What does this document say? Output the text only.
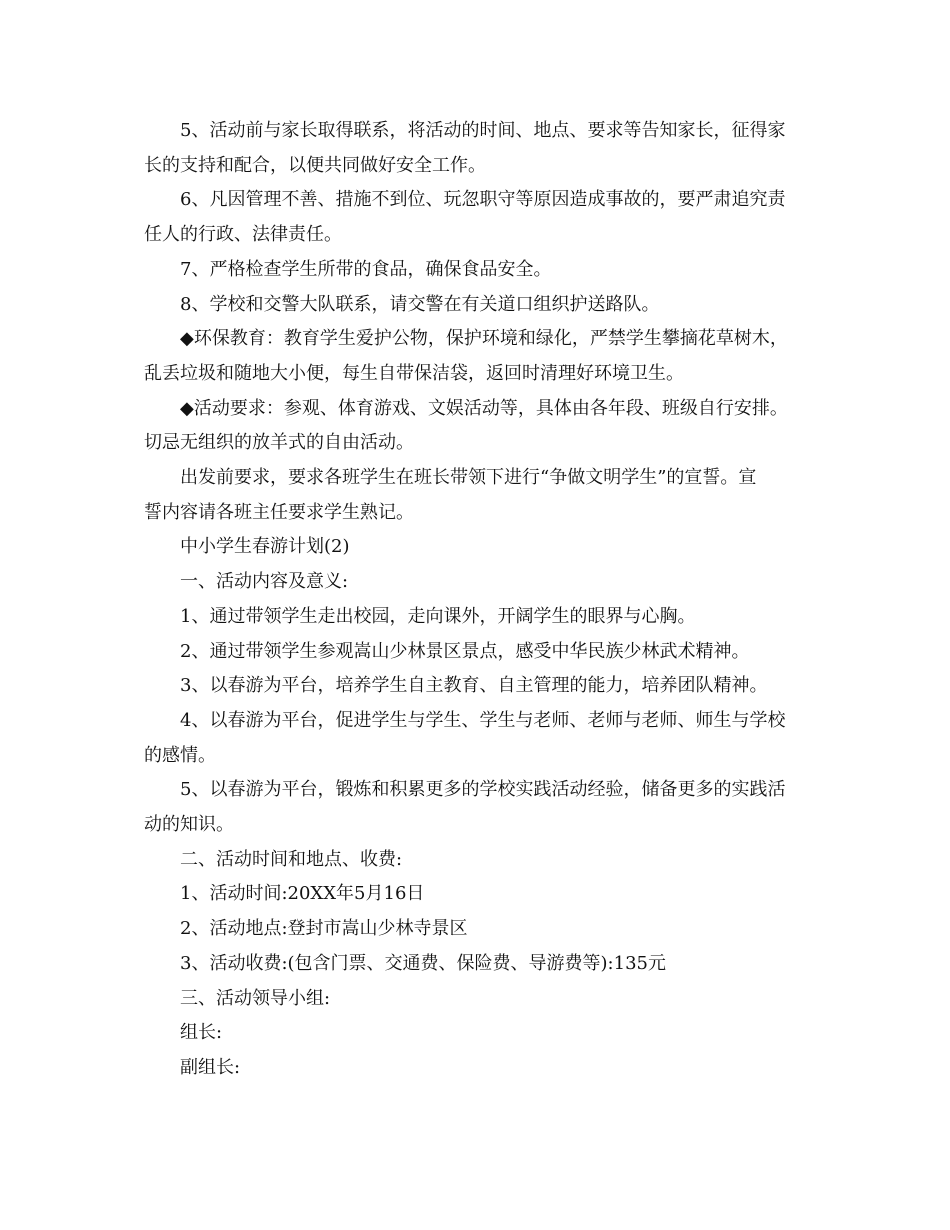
5、活动前与家长取得联系，将活动的时间、地点、要求等告知家长，征得家
长的支持和配合，以便共同做好安全工作。

6、凡因管理不善、措施不到位、玩忽职守等原因造成事故的，要严肃追究责
任人的行政、法律责任。

7、严格检查学生所带的食品，确保食品安全。

8、学校和交警大队联系，请交警在有关道口组织护送路队。

◆环保教育：教育学生爱护公物，保护环境和绿化，严禁学生攀摘花草树木，
乱丢垃圾和随地大小便，每生自带保洁袋，返回时清理好环境卫生。

◆活动要求：参观、体育游戏、文娱活动等，具体由各年段、班级自行安排。
切忌无组织的放羊式的自由活动。

出发前要求，要求各班学生在班长带领下进行“争做文明学生”的宣誓。宣
誓内容请各班主任要求学生熟记。

中小学生春游计划(2)

一、活动内容及意义:

1、通过带领学生走出校园，走向课外，开阔学生的眼界与心胸。

2、通过带领学生参观嵩山少林景区景点，感受中华民族少林武术精神。

3、以春游为平台，培养学生自主教育、自主管理的能力，培养团队精神。

4、以春游为平台，促进学生与学生、学生与老师、老师与老师、师生与学校
的感情。

5、以春游为平台，锻炼和积累更多的学校实践活动经验，储备更多的实践活
动的知识。

二、活动时间和地点、收费:

1、活动时间:20XX年5月16日

2、活动地点:登封市嵩山少林寺景区

3、活动收费:(包含门票、交通费、保险费、导游费等):135元

三、活动领导小组:

组长:

副组长:
